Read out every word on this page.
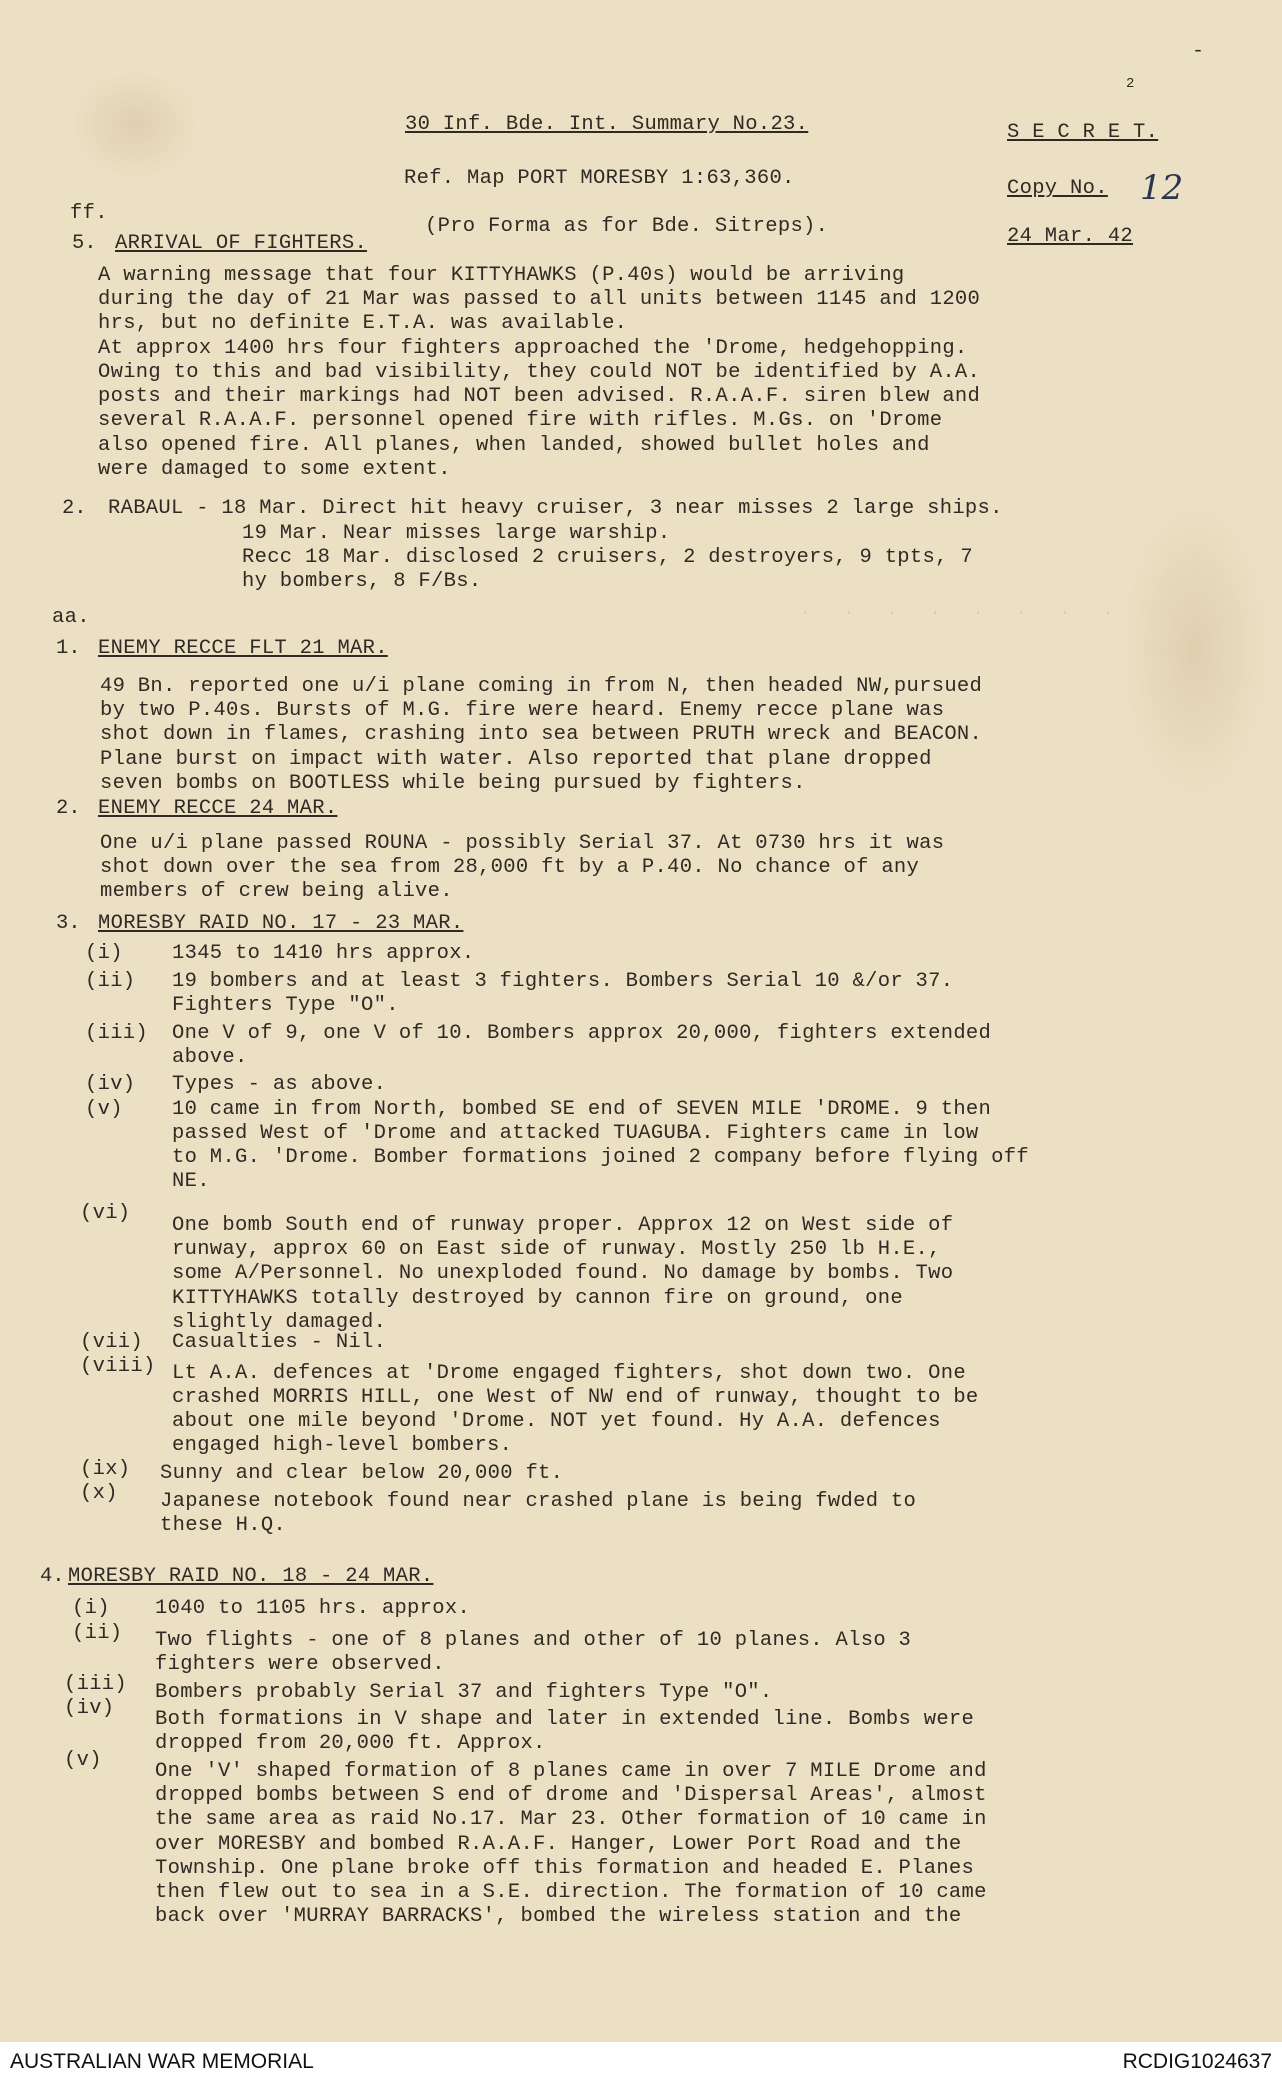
.   .   .   .   .   .   .   .
-
2
30 Inf. Bde. Int. Summary No.23.	S E C R E T.
Ref. Map PORT MORESBY 1:63,360.	Copy No. 12
(Pro Forma as for Bde. Sitreps).	24 Mar. 42
ff.
5. ARRIVAL OF FIGHTERS.
A warning message that four KITTYHAWKS (P.40s) would be arriving
during the day of 21 Mar was passed to all units between 1145 and 1200
hrs, but no definite E.T.A. was available.
At approx 1400 hrs four fighters approached the 'Drome, hedgehopping.
Owing to this and bad visibility, they could NOT be identified by A.A.
posts and their markings had NOT been advised. R.A.A.F. siren blew and
several R.A.A.F. personnel opened fire with rifles. M.Gs. on 'Drome
also opened fire. All planes, when landed, showed bullet holes and
were damaged to some extent.
2. RABAUL - 18 Mar. Direct hit heavy cruiser, 3 near misses 2 large ships.
19 Mar. Near misses large warship.
Recc 18 Mar. disclosed 2 cruisers, 2 destroyers, 9 tpts, 7
hy bombers, 8 F/Bs.
aa.
1. ENEMY RECCE FLT 21 MAR.
49 Bn. reported one u/i plane coming in from N, then headed NW,pursued
by two P.40s. Bursts of M.G. fire were heard. Enemy recce plane was
shot down in flames, crashing into sea between PRUTH wreck and BEACON.
Plane burst on impact with water. Also reported that plane dropped
seven bombs on BOOTLESS while being pursued by fighters.
2. ENEMY RECCE 24 MAR.
One u/i plane passed ROUNA - possibly Serial 37. At 0730 hrs it was
shot down over the sea from 28,000 ft by a P.40. No chance of any
members of crew being alive.
3. MORESBY RAID NO. 17 - 23 MAR.
(i) 1345 to 1410 hrs approx.
(ii) 19 bombers and at least 3 fighters. Bombers Serial 10 &/or 37.
Fighters Type "O".
(iii) One V of 9, one V of 10. Bombers approx 20,000, fighters extended
above.
(iv) Types - as above.
(v) 10 came in from North, bombed SE end of SEVEN MILE 'DROME. 9 then
passed West of 'Drome and attacked TUAGUBA. Fighters came in low
to M.G. 'Drome. Bomber formations joined 2 company before flying off
NE.
(vi)
One bomb South end of runway proper. Approx 12 on West side of
runway, approx 60 on East side of runway. Mostly 250 lb H.E.,
some A/Personnel. No unexploded found. No damage by bombs. Two
KITTYHAWKS totally destroyed by cannon fire on ground, one
slightly damaged.
(vii) Casualties - Nil.
(viii) Lt A.A. defences at 'Drome engaged fighters, shot down two. One
crashed MORRIS HILL, one West of NW end of runway, thought to be
about one mile beyond 'Drome. NOT yet found. Hy A.A. defences
engaged high-level bombers.
(ix) Sunny and clear below 20,000 ft.
(x) Japanese notebook found near crashed plane is being fwded to
these H.Q.
4. MORESBY RAID NO. 18 - 24 MAR.
(i) 1040 to 1105 hrs. approx.
(ii) Two flights - one of 8 planes and other of 10 planes. Also 3
fighters were observed.
(iii) Bombers probably Serial 37 and fighters Type "O".
(iv) Both formations in V shape and later in extended line. Bombs were
dropped from 20,000 ft. Approx.
(v)	One 'V' shaped formation of 8 planes came in over 7 MILE Drome and
dropped bombs between S end of drome and 'Dispersal Areas', almost
the same area as raid No.17. Mar 23. Other formation of 10 came in
over MORESBY and bombed R.A.A.F. Hanger, Lower Port Road and the
Township. One plane broke off this formation and headed E. Planes
then flew out to sea in a S.E. direction. The formation of 10 came
back over 'MURRAY BARRACKS', bombed the wireless station and the
AUSTRALIAN WAR MEMORIAL	RCDIG1024637
